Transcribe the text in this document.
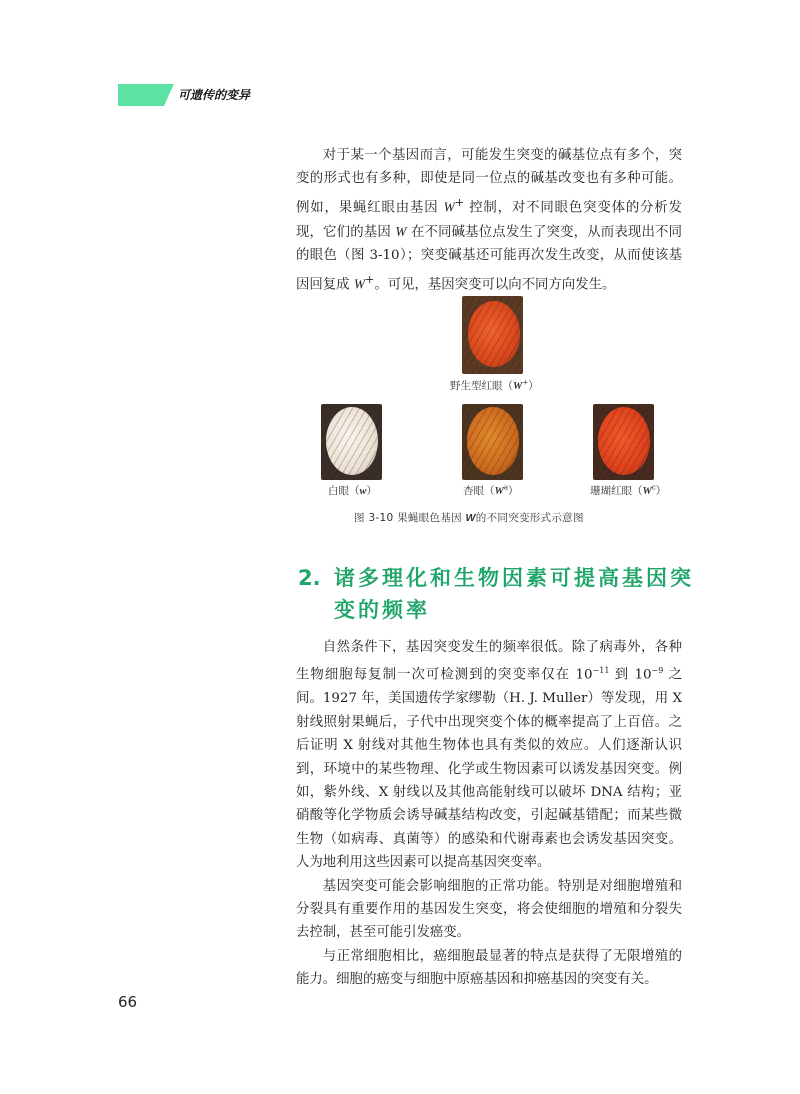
可遗传的变异

对于某一个基因而言，可能发生突变的碱基位点有多个，突变的形式也有多种，即使是同一位点的碱基改变也有多种可能。例如，果蝇红眼由基因 W+ 控制，对不同眼色突变体的分析发现，它们的基因 W 在不同碱基位点发生了突变，从而表现出不同的眼色（图 3-10）；突变碱基还可能再次发生改变，从而使该基因回复成 W+。可见，基因突变可以向不同方向发生。

野生型红眼（W+）
白眼（w）	杏眼$(W^a)$	珊瑚红眼$(W^c)$
图 3-10 果蝇眼色基因 W的不同突变形式示意图
2. 诸多理化和生物因素可提高基因突
变的频率

自然条件下，基因突变发生的频率很低。除了病毒外，各种生物细胞每复制一次可检测到的突变率仅在 $10^{-11}$ 到 $10^{-9}$ 之间。1927 年，美国遗传学家缪勒（H. J. Muller）等发现，用 X 射线照射果蝇后，子代中出现突变个体的概率提高了上百倍。之后证明 X 射线对其他生物体也具有类似的效应。人们逐渐认识到，环境中的某些物理、化学或生物因素可以诱发基因突变。例如，紫外线、X 射线以及其他高能射线可以破坏 DNA 结构；亚硝酸等化学物质会诱导碱基结构改变，引起碱基错配；而某些微生物（如病毒、真菌等）的感染和代谢毒素也会诱发基因突变。人为地利用这些因素可以提高基因突变率。

基因突变可能会影响细胞的正常功能。特别是对细胞增殖和分裂具有重要作用的基因发生突变，将会使细胞的增殖和分裂失去控制，甚至可能引发癌变。

与正常细胞相比，癌细胞最显著的特点是获得了无限增殖的能力。细胞的癌变与细胞中原癌基因和抑癌基因的突变有关。

66
